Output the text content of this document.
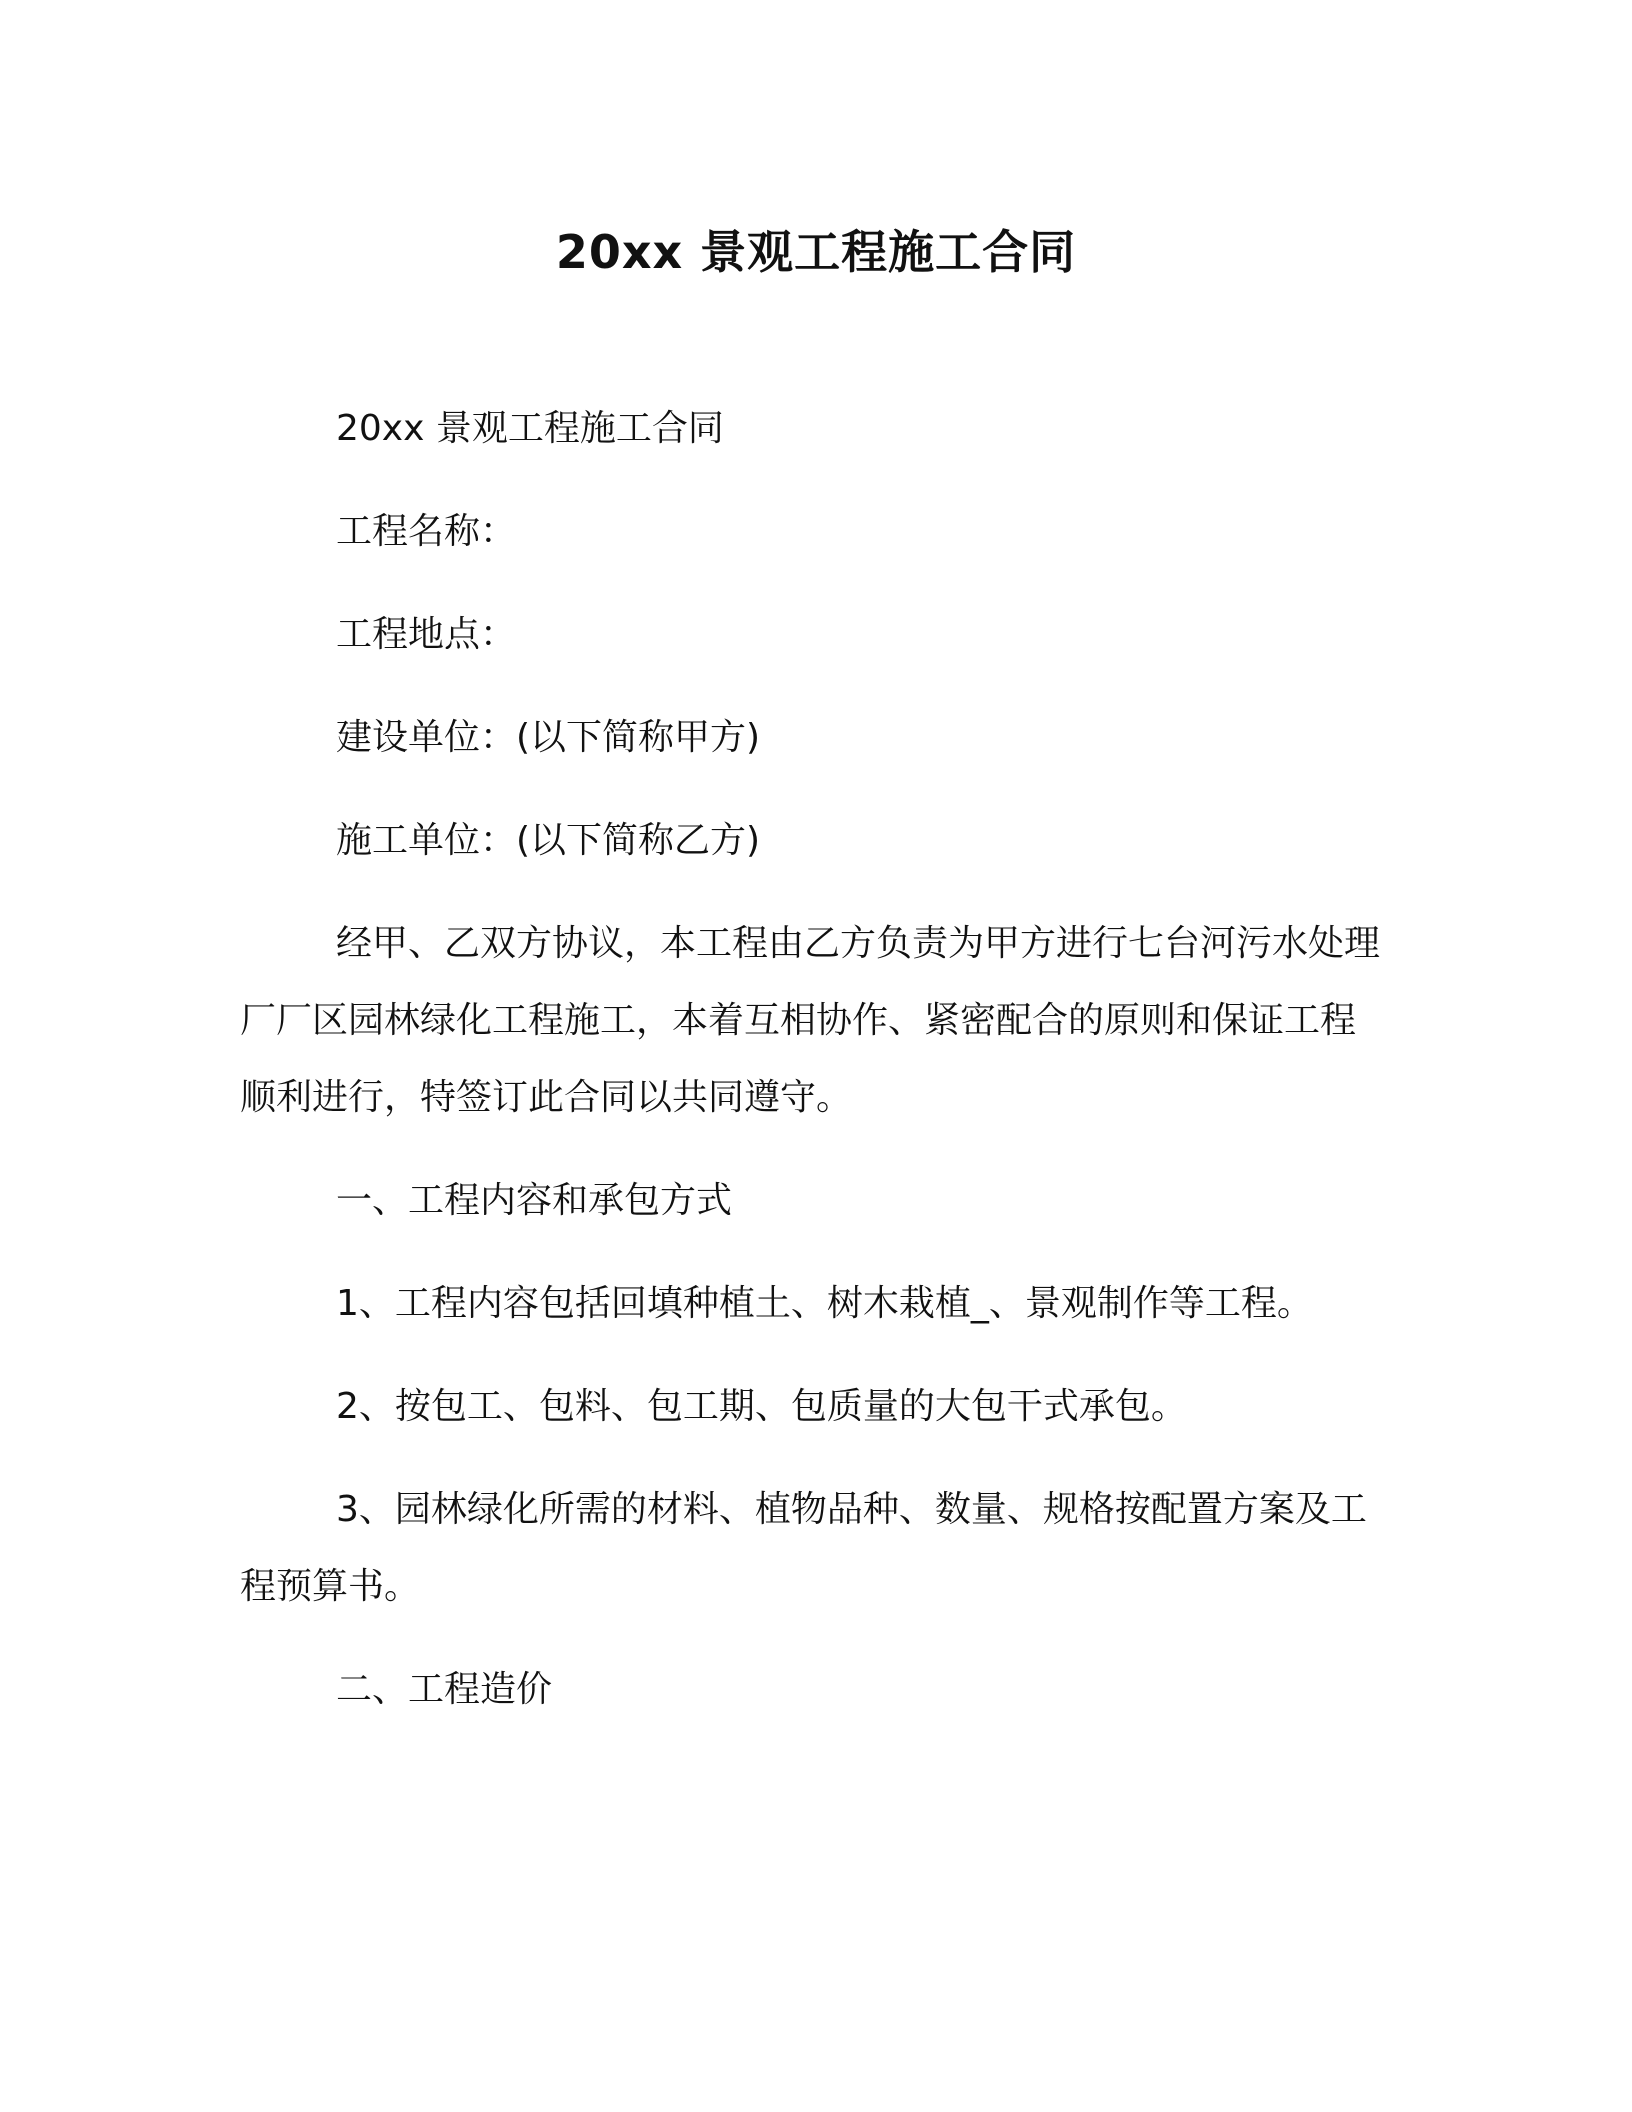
20xx 景观工程施工合同

20xx 景观工程施工合同

工程名称：

工程地点：

建设单位：(以下简称甲方)

施工单位：(以下简称乙方)

经甲、乙双方协议，本工程由乙方负责为甲方进行七台河污水处理厂厂区园林绿化工程施工，本着互相协作、紧密配合的原则和保证工程顺利进行，特签订此合同以共同遵守。

一、工程内容和承包方式

1、工程内容包括回填种植土、树木栽植_、景观制作等工程。

2、按包工、包料、包工期、包质量的大包干式承包。

3、园林绿化所需的材料、植物品种、数量、规格按配置方案及工程预算书。

二、工程造价
